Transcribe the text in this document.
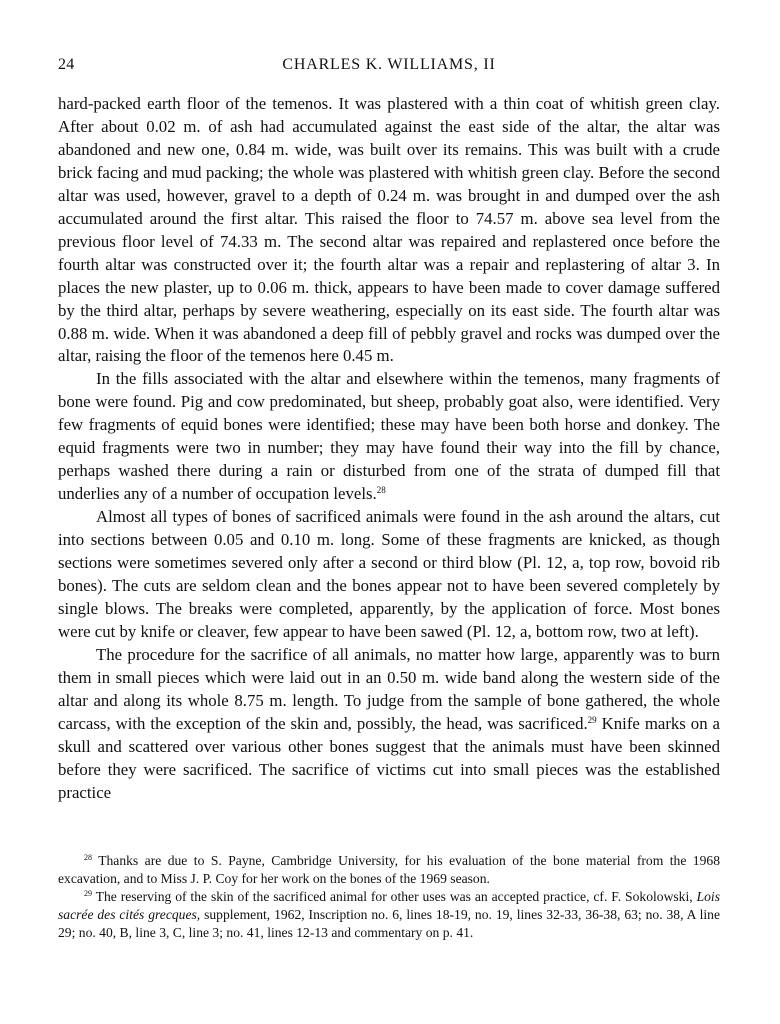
24	CHARLES K. WILLIAMS, II

hard-packed earth floor of the temenos. It was plastered with a thin coat of whitish green clay. After about 0.02 m. of ash had accumulated against the east side of the altar, the altar was abandoned and new one, 0.84 m. wide, was built over its remains. This was built with a crude brick facing and mud packing; the whole was plastered with whitish green clay. Before the second altar was used, however, gravel to a depth of 0.24 m. was brought in and dumped over the ash accumulated around the first altar. This raised the floor to 74.57 m. above sea level from the previous floor level of 74.33 m. The second altar was repaired and replastered once before the fourth altar was constructed over it; the fourth altar was a repair and replastering of altar 3. In places the new plaster, up to 0.06 m. thick, appears to have been made to cover damage suffered by the third altar, perhaps by severe weathering, especially on its east side. The fourth altar was 0.88 m. wide. When it was abandoned a deep fill of pebbly gravel and rocks was dumped over the altar, raising the floor of the temenos here 0.45 m.

In the fills associated with the altar and elsewhere within the temenos, many fragments of bone were found. Pig and cow predominated, but sheep, probably goat also, were identified. Very few fragments of equid bones were identified; these may have been both horse and donkey. The equid fragments were two in number; they may have found their way into the fill by chance, perhaps washed there during a rain or disturbed from one of the strata of dumped fill that underlies any of a number of occupation levels.$^{28}$

Almost all types of bones of sacrificed animals were found in the ash around the altars, cut into sections between 0.05 and 0.10 m. long. Some of these fragments are knicked, as though sections were sometimes severed only after a second or third blow (Pl. 12, a, top row, bovoid rib bones). The cuts are seldom clean and the bones appear not to have been severed completely by single blows. The breaks were completed, apparently, by the application of force. Most bones were cut by knife or cleaver, few appear to have been sawed (Pl. 12, a, bottom row, two at left).

The procedure for the sacrifice of all animals, no matter how large, apparently was to burn them in small pieces which were laid out in an 0.50 m. wide band along the western side of the altar and along its whole 8.75 m. length. To judge from the sample of bone gathered, the whole carcass, with the exception of the skin and, possibly, the head, was sacrificed.$^{29}$ Knife marks on a skull and scattered over various other bones suggest that the animals must have been skinned before they were sacrificed. The sacrifice of victims cut into small pieces was the established practice

$^{28}$ Thanks are due to S. Payne, Cambridge University, for his evaluation of the bone material from the 1968 excavation, and to Miss J. P. Coy for her work on the bones of the 1969 season.

$^{29}$ The reserving of the skin of the sacrificed animal for other uses was an accepted practice, cf. F. Sokolowski, Lois sacrée des cités grecques, supplement, 1962, Inscription no. 6, lines 18-19, no. 19, lines 32-33, 36-38, 63; no. 38, A line 29; no. 40, B, line 3, C, line 3; no. 41, lines 12-13 and commentary on p. 41.
